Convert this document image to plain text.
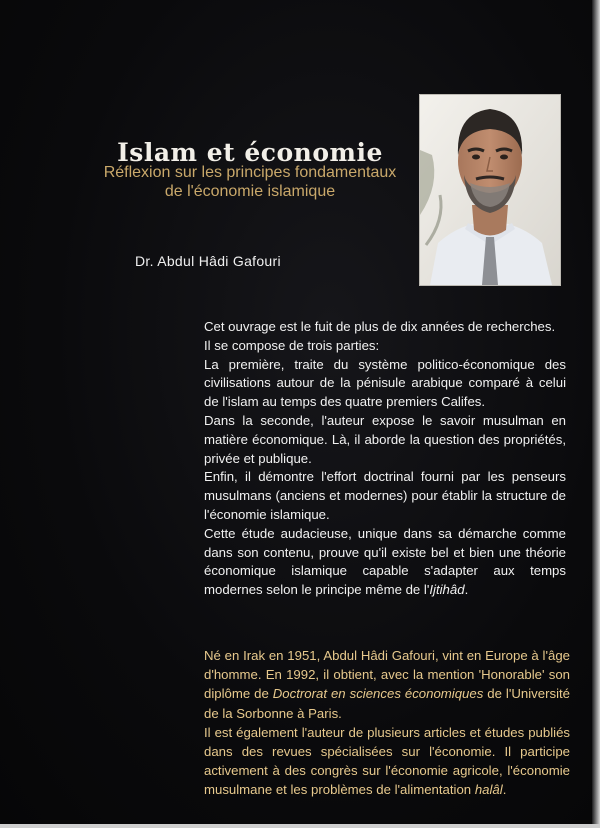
Islam et économie
Réflexion sur les principes fondamentaux
de l'économie islamique
Dr. Abdul Hâdi Gafouri

Cet ouvrage est le fuit de plus de dix années de recherches.

Il se compose de trois parties:

La première, traite du système politico-économique des civilisations autour de la pénisule arabique comparé à celui de l'islam au temps des quatre premiers Califes.

Dans la seconde, l'auteur expose le savoir musulman en matière économique. Là, il aborde la question des propriétés, privée et publique.

Enfin, il démontre l'effort doctrinal fourni par les penseurs musulmans (anciens et modernes) pour établir la structure de l'économie islamique.

Cette étude audacieuse, unique dans sa démarche comme dans son contenu, prouve qu'il existe bel et bien une théorie économique islamique capable s'adapter aux temps modernes selon le principe même de l'Ijtihâd.

Né en Irak en 1951, Abdul Hâdi Gafouri, vint en Europe à l'âge d'homme. En 1992, il obtient, avec la mention 'Honorable' son diplôme de Doctrorat en sciences économiques de l'Université de la Sorbonne à Paris.

Il est également l'auteur de plusieurs articles et études publiés dans des revues spécialisées sur l'économie. Il participe activement à des congrès sur l'économie agricole, l'économie musulmane et les problèmes de l'alimentation halâl.
